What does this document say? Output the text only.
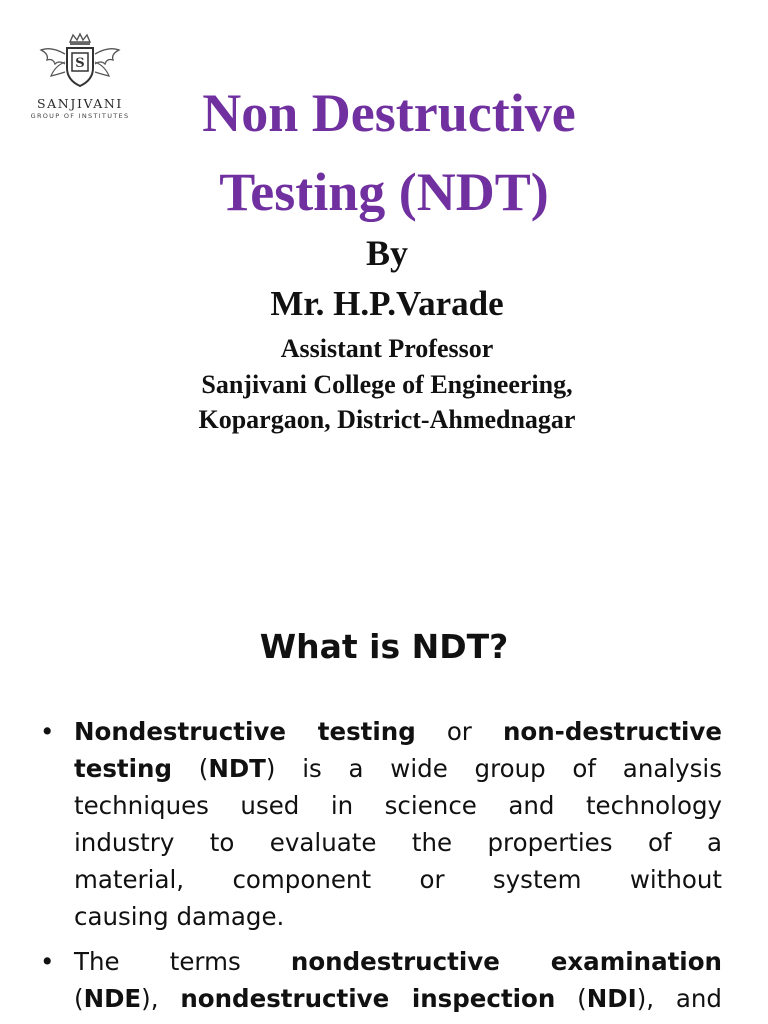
S
SANJIVANI
GROUP OF INSTITUTES	Non Destructive
Testing (NDT)
By
Mr. H.P.Varade
Assistant Professor
Sanjivani College of Engineering,
Kopargaon, District-Ahmednagar
What is NDT?
• Nondestructive testing or non-destructive
testing (NDT) is a wide group of analysis
techniques used in science and technology
industry to evaluate the properties of a
material, component or system without
causing damage.
• The terms nondestructive examination
(NDE), nondestructive inspection (NDI), and
